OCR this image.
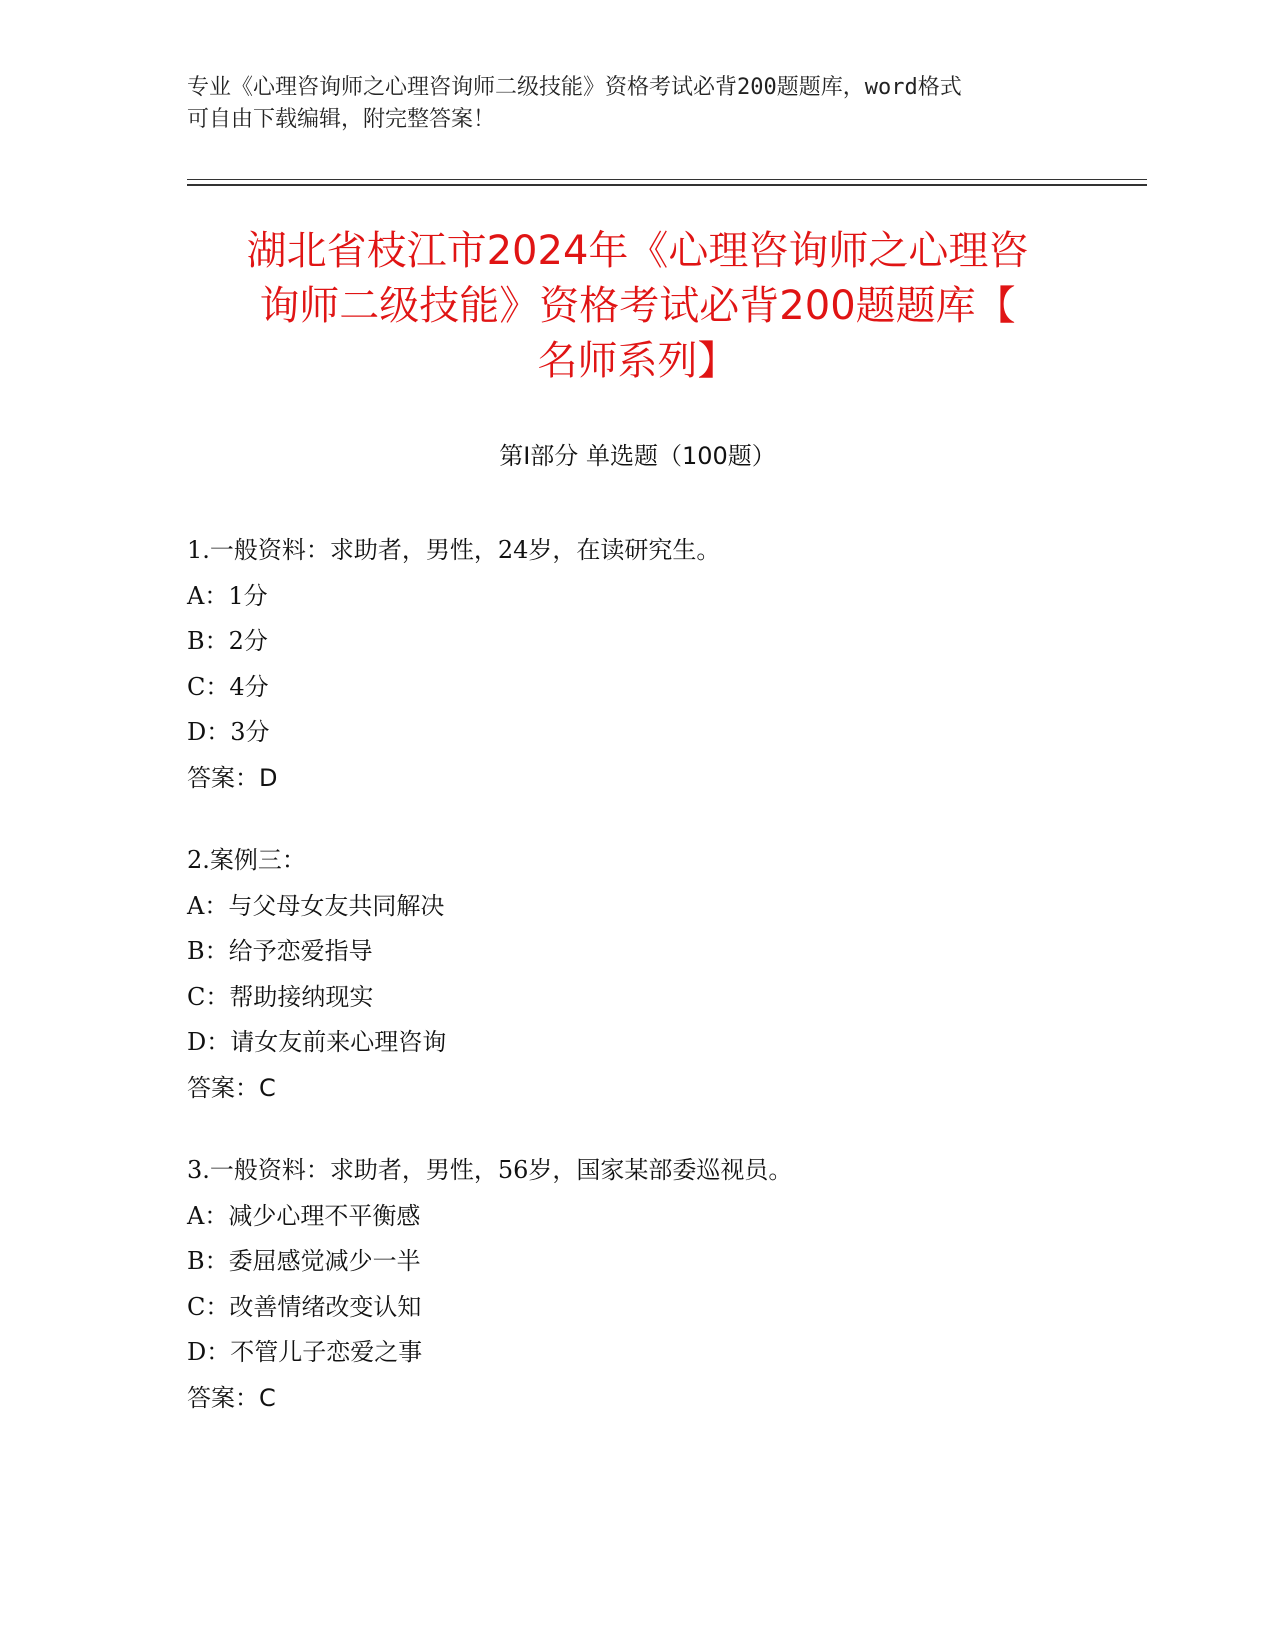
专业《心理咨询师之心理咨询师二级技能》资格考试必背200题题库，word格式
可自由下载编辑，附完整答案！
湖北省枝江市2024年《心理咨询师之心理咨
询师二级技能》资格考试必背200题题库【
名师系列】
第Ⅰ部分 单选题（100题）
1.一般资料：求助者，男性，24岁，在读研究生。
A：1分
B：2分
C：4分
D：3分
答案：D
2.案例三：
A：与父母女友共同解决
B：给予恋爱指导
C：帮助接纳现实
D：请女友前来心理咨询
答案：C
3.一般资料：求助者，男性，56岁，国家某部委巡视员。
A：减少心理不平衡感
B：委屈感觉减少一半
C：改善情绪改变认知
D：不管儿子恋爱之事
答案：C
